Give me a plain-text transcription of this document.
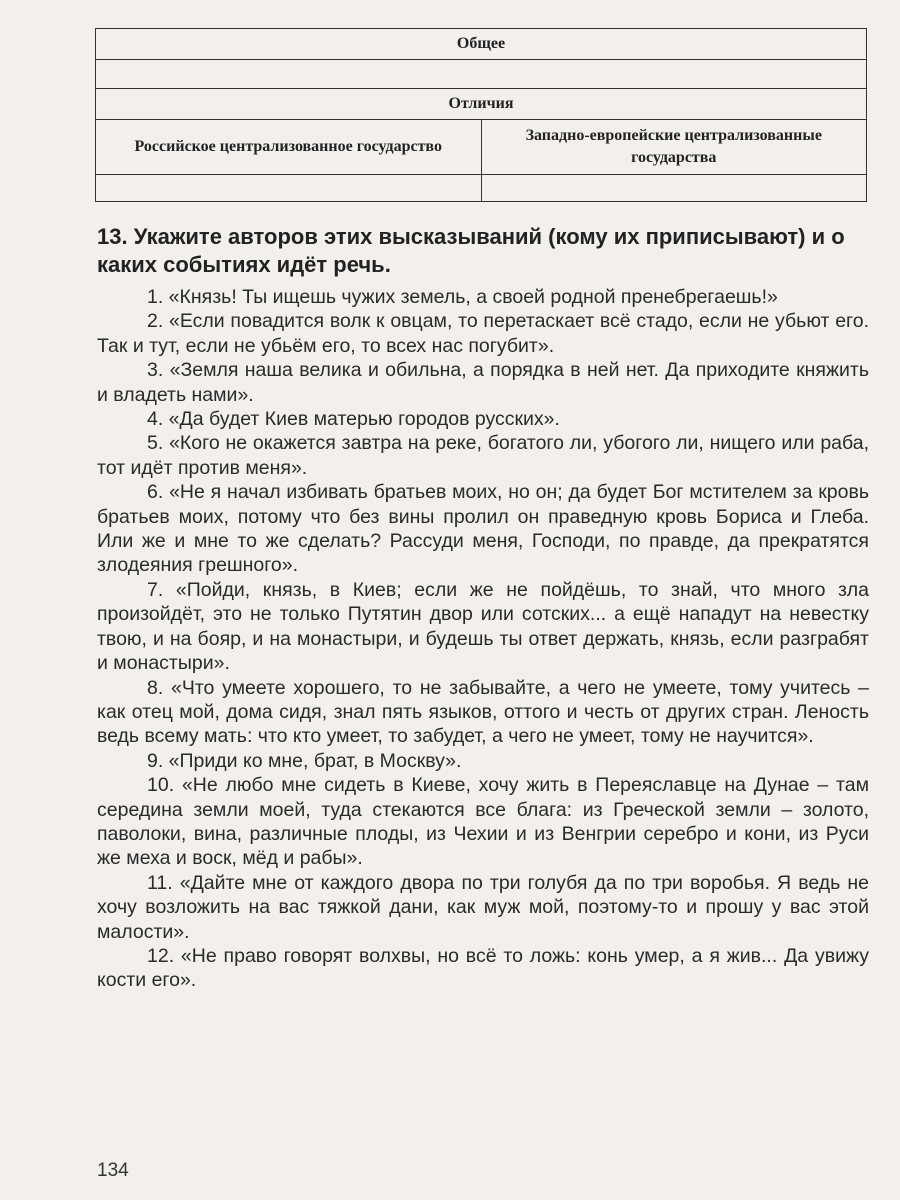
Общее	

Отличия	
Российское централизованное государство	Западно-европейские централизованные государства

13. Укажите авторов этих высказываний (кому их приписывают) и о каких событиях идёт речь.

1. «Князь! Ты ищешь чужих земель, а своей родной пренебрегаешь!»
2. «Если повадится волк к овцам, то перетаскает всё стадо, если не убьют его. Так и тут, если не убьём его, то всех нас погубит».
3. «Земля наша велика и обильна, а порядка в ней нет. Да приходите княжить и владеть нами».
4. «Да будет Киев матерью городов русских».
5. «Кого не окажется завтра на реке, богатого ли, убогого ли, нищего или раба, тот идёт против меня».
6. «Не я начал избивать братьев моих, но он; да будет Бог мстителем за кровь братьев моих, потому что без вины пролил он праведную кровь Бориса и Глеба. Или же и мне то же сделать? Рассуди меня, Господи, по правде, да прекратятся злодеяния грешного».
7. «Пойди, князь, в Киев; если же не пойдёшь, то знай, что много зла произойдёт, это не только Путятин двор или сотских... а ещё нападут на невестку твою, и на бояр, и на монастыри, и будешь ты ответ держать, князь, если разграбят и монастыри».
8. «Что умеете хорошего, то не забывайте, а чего не умеете, тому учитесь – как отец мой, дома сидя, знал пять языков, оттого и честь от других стран. Леность ведь всему мать: что кто умеет, то забудет, а чего не умеет, тому не научится».
9. «Приди ко мне, брат, в Москву».
10. «Не любо мне сидеть в Киеве, хочу жить в Переяславце на Дунае – там середина земли моей, туда стекаются все блага: из Греческой земли – золото, паволоки, вина, различные плоды, из Чехии и из Венгрии серебро и кони, из Руси же меха и воск, мёд и рабы».
11. «Дайте мне от каждого двора по три голубя да по три воробья. Я ведь не хочу возложить на вас тяжкой дани, как муж мой, поэтому-то и прошу у вас этой малости».
12. «Не право говорят волхвы, но всё то ложь: конь умер, а я жив... Да увижу кости его».
134
